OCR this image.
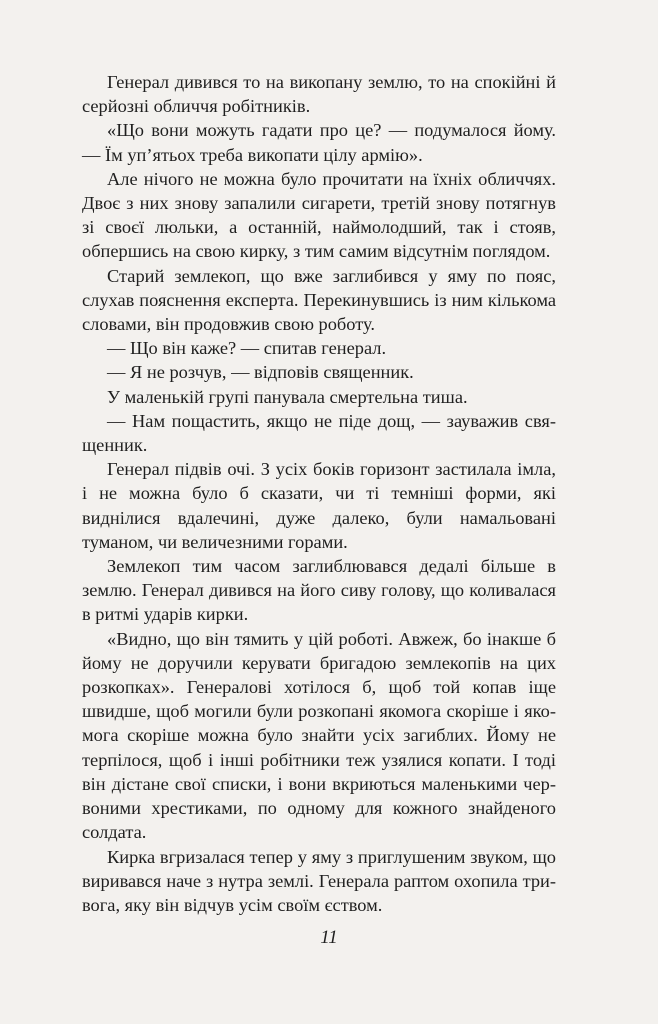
Генерал дивився то на викопану землю, то на спокійні й серйозні обличчя робітників.

«Що вони можуть гадати про це? — подумалося йому. — Їм уп’ятьох треба викопати цілу армію».

Але нічого не можна було прочитати на їхніх обличчях. Двоє з них знову запалили сигарети, третій знову потягнув зі своєї люльки, а останній, наймолодший, так і стояв, обпершись на свою кирку, з тим самим відсутнім поглядом.

Старий землекоп, що вже заглибився у яму по пояс, слухав пояснення експерта. Перекинувшись із ним кількома словами, він продовжив свою роботу.

— Що він каже? — спитав генерал.

— Я не розчув, — відповів священник.

У маленькій групі панувала смертельна тиша.

— Нам пощастить, якщо не піде дощ, — зауважив священник.

Генерал підвів очі. З усіх боків горизонт застилала імла, і не можна було б сказати, чи ті темніші форми, які виднілися вдалечині, дуже далеко, були намальовані туманом, чи величезними горами.

Землекоп тим часом заглиблювався дедалі більше в землю. Генерал дивився на його сиву голову, що коливалася в ритмі ударів кирки.

«Видно, що він тямить у цій роботі. Авжеж, бо інакше б йому не доручили керувати бригадою землекопів на цих розкопках». Генералові хотілося б, щоб той копав іще швидше, щоб могили були розкопані якомога скоріше і якомога скоріше можна було знайти усіх загиблих. Йому не терпілося, щоб і інші робітники теж узялися копати. І тоді він дістане свої списки, і вони вкриються маленькими червоними хрестиками, по одному для кожного знайденого солдата.

Кирка вгризалася тепер у яму з приглушеним звуком, що виривався наче з нутра землі. Генерала раптом охопила тривога, яку він відчув усім своїм єством.

11
